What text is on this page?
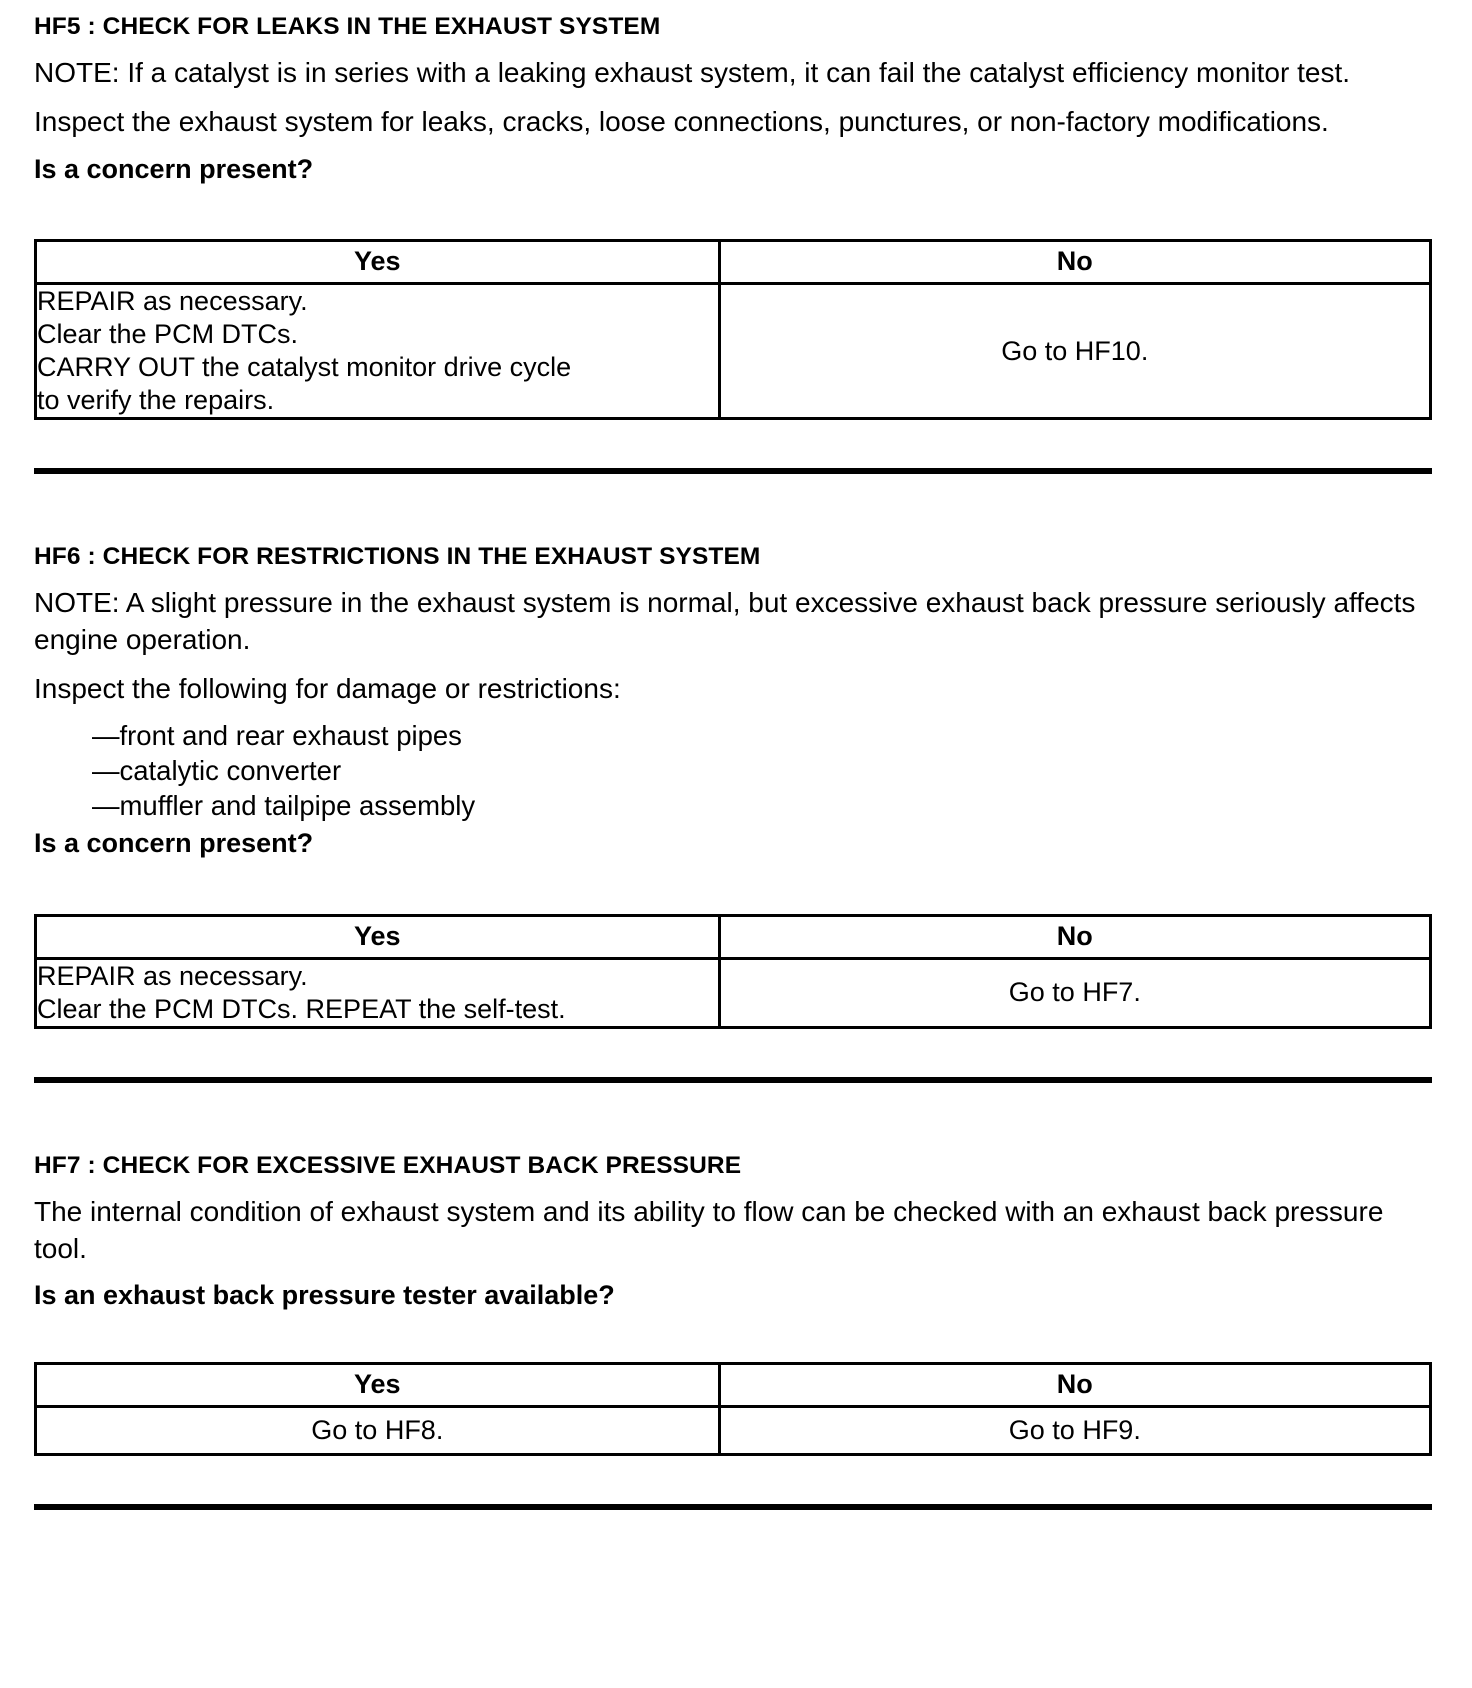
HF5 : CHECK FOR LEAKS IN THE EXHAUST SYSTEM

NOTE: If a catalyst is in series with a leaking exhaust system, it can fail the catalyst efficiency monitor test.

Inspect the exhaust system for leaks, cracks, loose connections, punctures, or non-factory modifications.

Is a concern present?

Yes	No

REPAIR as necessary.
Clear the PCM DTCs.
CARRY OUT the catalyst monitor drive cycle
to verify the repairs.	Go to HF10.
HF6 : CHECK FOR RESTRICTIONS IN THE EXHAUST SYSTEM

NOTE: A slight pressure in the exhaust system is normal, but excessive exhaust back pressure seriously affects engine operation.

Inspect the following for damage or restrictions:

—front and rear exhaust pipes
—catalytic converter
—muffler and tailpipe assembly

Is a concern present?

Yes	No

REPAIR as necessary.
Clear the PCM DTCs. REPEAT the self-test.	Go to HF7.
HF7 : CHECK FOR EXCESSIVE EXHAUST BACK PRESSURE

The internal condition of exhaust system and its ability to flow can be checked with an exhaust back pressure tool.

Is an exhaust back pressure tester available?

Yes	No
Go to HF8.	Go to HF9.
